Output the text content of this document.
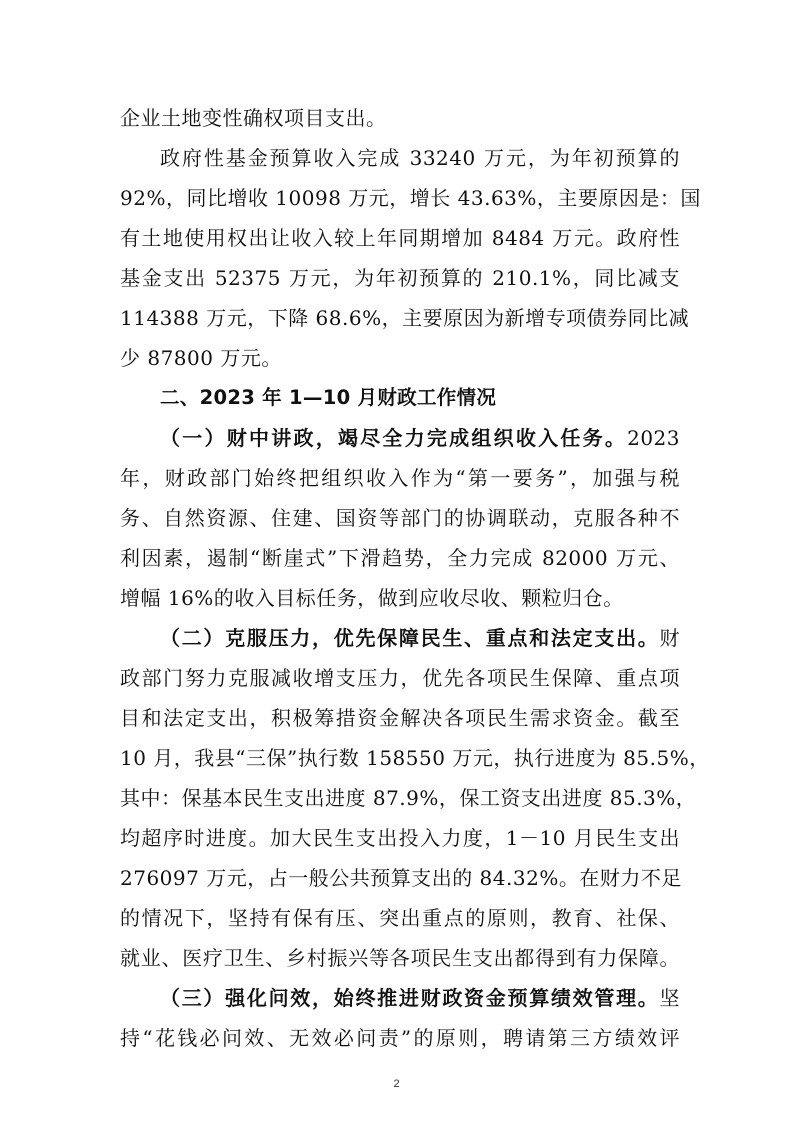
企业土地变性确权项目支出。
政府性基金预算收入完成 33240 万元，为年初预算的
92%，同比增收 10098 万元，增长 43.63%，主要原因是：国
有土地使用权出让收入较上年同期增加 8484 万元。政府性
基金支出 52375 万元，为年初预算的 210.1%，同比减支
114388 万元，下降 68.6%，主要原因为新增专项债券同比减
少 87800 万元。
二、2023 年 1—10 月财政工作情况
（一）财中讲政，竭尽全力完成组织收入任务。2023
年，财政部门始终把组织收入作为“第一要务”，加强与税
务、自然资源、住建、国资等部门的协调联动，克服各种不
利因素，遏制“断崖式”下滑趋势，全力完成 82000 万元、
增幅 16%的收入目标任务，做到应收尽收、颗粒归仓。
（二）克服压力，优先保障民生、重点和法定支出。财
政部门努力克服减收增支压力，优先各项民生保障、重点项
目和法定支出，积极筹措资金解决各项民生需求资金。截至
10 月，我县“三保”执行数 158550 万元，执行进度为 85.5%，
其中：保基本民生支出进度 87.9%，保工资支出进度 85.3%，
均超序时进度。加大民生支出投入力度，1－10 月民生支出
276097 万元，占一般公共预算支出的 84.32%。在财力不足
的情况下，坚持有保有压、突出重点的原则，教育、社保、
就业、医疗卫生、乡村振兴等各项民生支出都得到有力保障。
（三）强化问效，始终推进财政资金预算绩效管理。坚
持“花钱必问效、无效必问责”的原则，聘请第三方绩效评
2
